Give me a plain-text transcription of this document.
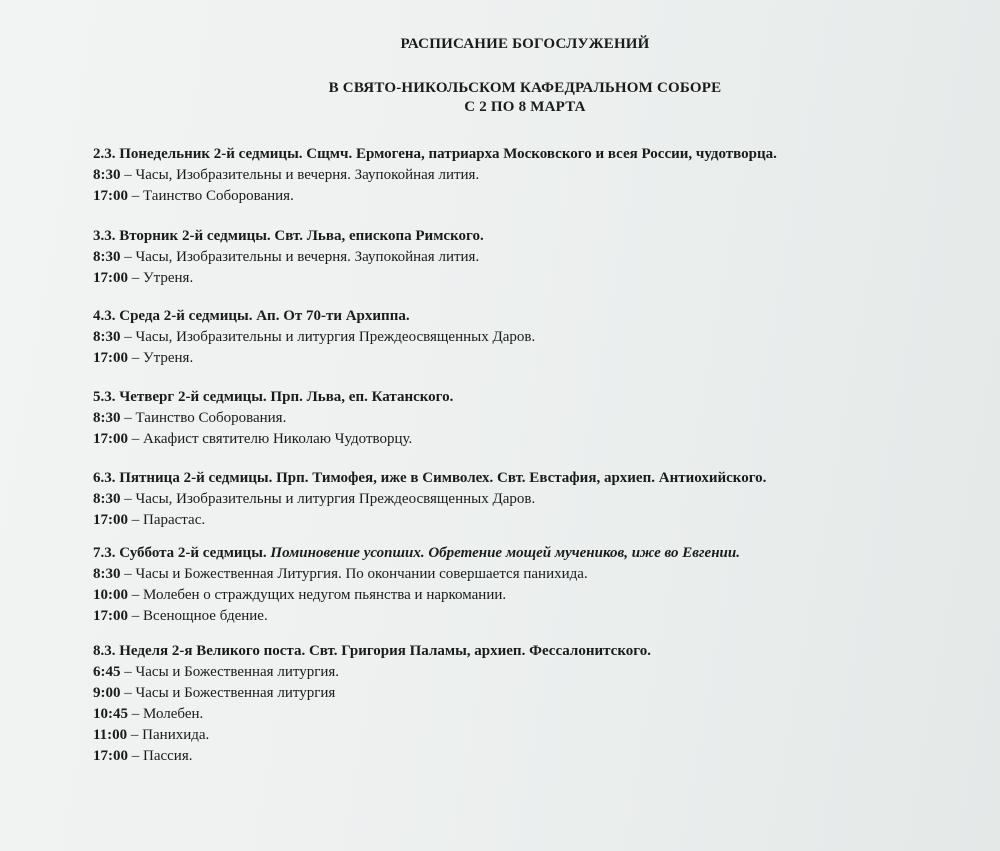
РАСПИСАНИЕ БОГОСЛУЖЕНИЙ
В СВЯТО-НИКОЛЬСКОМ КАФЕДРАЛЬНОМ СОБОРЕ
С 2 ПО 8 МАРТА
2.3. Понедельник 2-й седмицы. Сщмч. Ермогена, патриарха Московского и всея России, чудотворца.
8:30 – Часы, Изобразительны и вечерня. Заупокойная лития.
17:00 – Таинство Соборования.
3.3. Вторник 2-й седмицы. Свт. Льва, епископа Римского.
8:30 – Часы, Изобразительны и вечерня. Заупокойная лития.
17:00 – Утреня.
4.3. Среда 2-й седмицы. Ап. От 70-ти Архиппа.
8:30 – Часы, Изобразительны и литургия Преждеосвященных Даров.
17:00 – Утреня.
5.3. Четверг 2-й седмицы. Прп. Льва, еп. Катанского.
8:30 – Таинство Соборования.
17:00 – Акафист святителю Николаю Чудотворцу.
6.3. Пятница 2-й седмицы. Прп. Тимофея, иже в Символех. Свт. Евстафия, архиеп. Антиохийского.
8:30 – Часы, Изобразительны и литургия Преждеосвященных Даров.
17:00 – Парастас.
7.3. Суббота 2-й седмицы. Поминовение усопших. Обретение мощей мучеников, иже во Евгении.
8:30 – Часы и Божественная Литургия. По окончании совершается панихида.
10:00 – Молебен о страждущих недугом пьянства и наркомании.
17:00 – Всенощное бдение.
8.3. Неделя 2-я Великого поста. Свт. Григория Паламы, архиеп. Фессалонитского.
6:45 – Часы и Божественная литургия.
9:00 – Часы и Божественная литургия
10:45 – Молебен.
11:00 – Панихида.
17:00 – Пассия.
